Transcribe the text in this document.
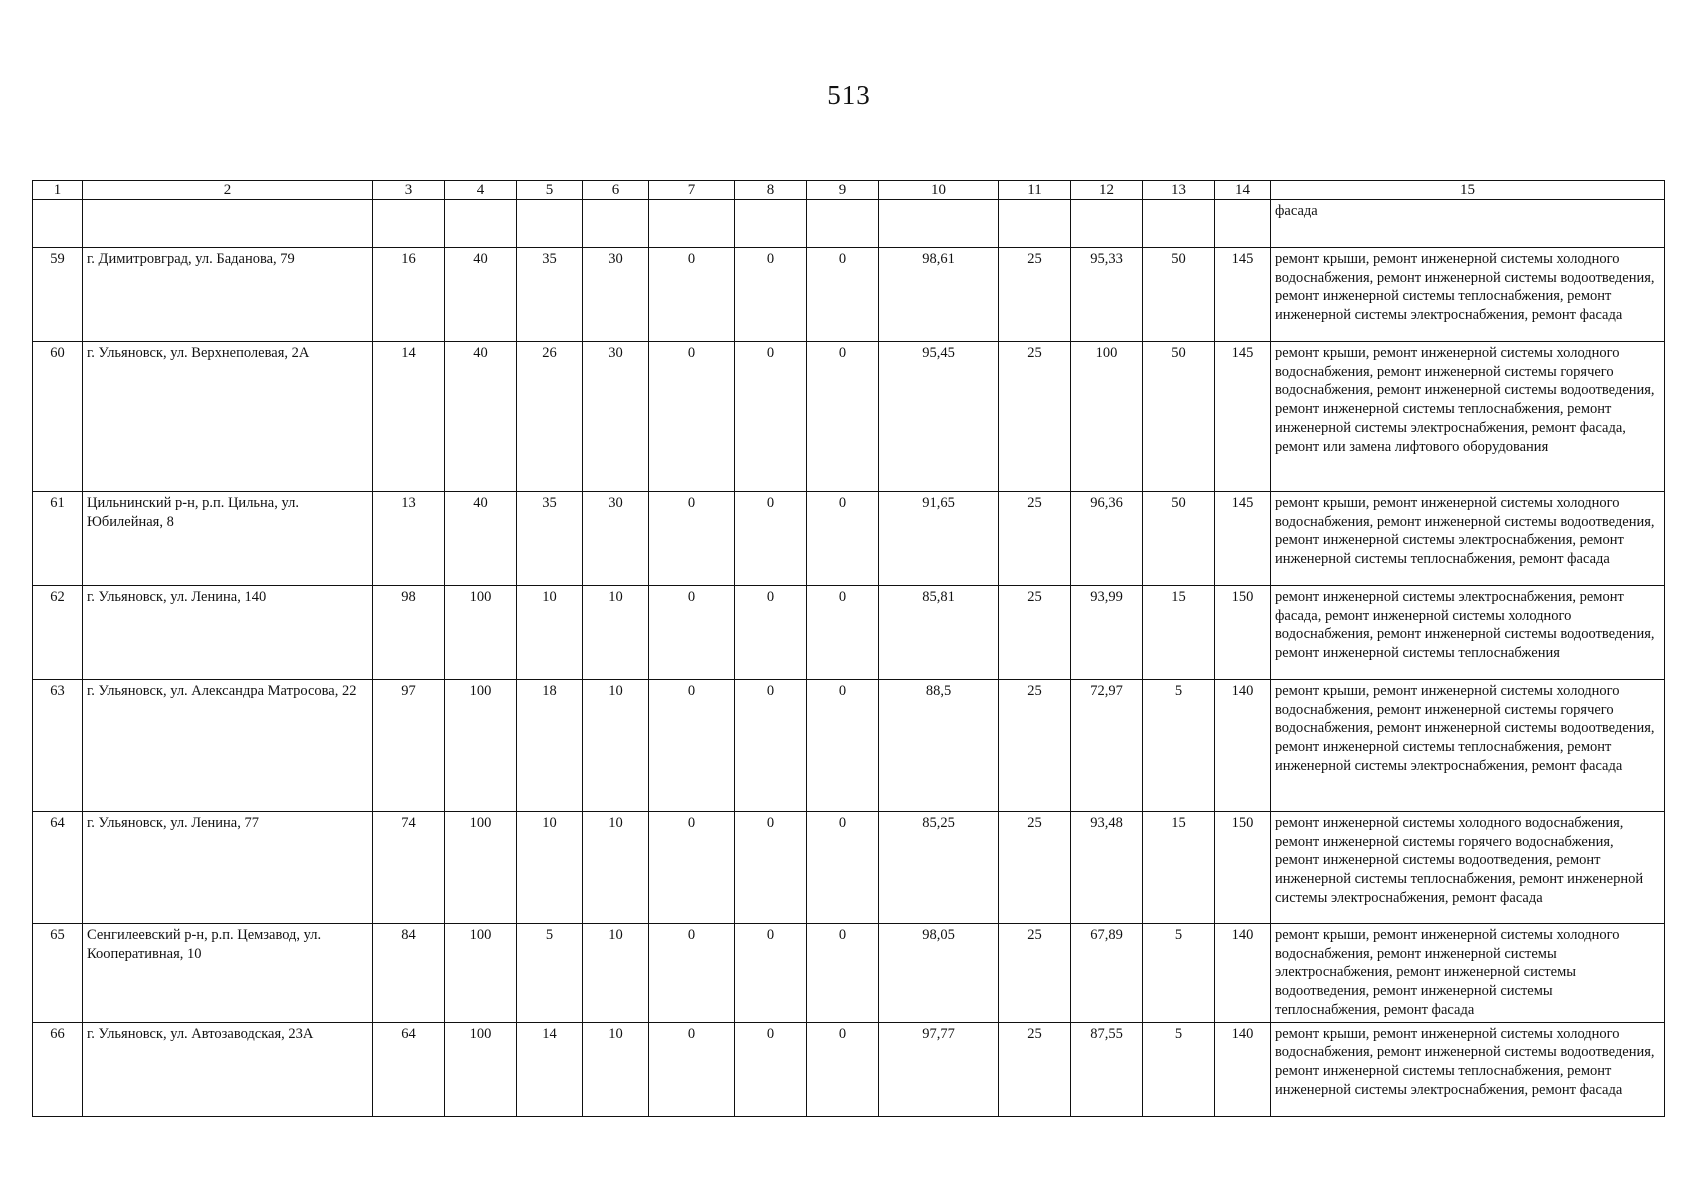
513
1	2	3	4	5	6	7	8	9	10	11	12	13	14	15
														фасада
59	г. Димитровград, ул. Баданова, 79	16	40	35	30	0	0	0	98,61	25	95,33	50	145	ремонт крыши, ремонт инженерной системы холодного водоснабжения, ремонт инженерной системы водоотведения, ремонт инженерной системы теплоснабжения, ремонт инженерной системы электроснабжения, ремонт фасада
60	г. Ульяновск, ул. Верхнеполевая, 2А	14	40	26	30	0	0	0	95,45	25	100	50	145	ремонт крыши, ремонт инженерной системы холодного водоснабжения, ремонт инженерной системы горячего водоснабжения, ремонт инженерной системы водоотведения, ремонт инженерной системы теплоснабжения, ремонт инженерной системы электроснабжения, ремонт фасада, ремонт или замена лифтового оборудования
61	Цильнинский р-н, р.п. Цильна, ул. Юбилейная, 8	13	40	35	30	0	0	0	91,65	25	96,36	50	145	ремонт крыши, ремонт инженерной системы холодного водоснабжения, ремонт инженерной системы водоотведения, ремонт инженерной системы электроснабжения, ремонт инженерной системы теплоснабжения, ремонт фасада
62	г. Ульяновск, ул. Ленина, 140	98	100	10	10	0	0	0	85,81	25	93,99	15	150	ремонт инженерной системы электроснабжения, ремонт фасада, ремонт инженерной системы холодного водоснабжения, ремонт инженерной системы водоотведения, ремонт инженерной системы теплоснабжения
63	г. Ульяновск, ул. Александра Матросова, 22	97	100	18	10	0	0	0	88,5	25	72,97	5	140	ремонт крыши, ремонт инженерной системы холодного водоснабжения, ремонт инженерной системы горячего водоснабжения, ремонт инженерной системы водоотведения, ремонт инженерной системы теплоснабжения, ремонт инженерной системы электроснабжения, ремонт фасада
64	г. Ульяновск, ул. Ленина, 77	74	100	10	10	0	0	0	85,25	25	93,48	15	150	ремонт инженерной системы холодного водоснабжения, ремонт инженерной системы горячего водоснабжения, ремонт инженерной системы водоотведения, ремонт инженерной системы теплоснабжения, ремонт инженерной системы электроснабжения, ремонт фасада
65	Сенгилеевский р-н, р.п. Цемзавод, ул. Кооперативная, 10	84	100	5	10	0	0	0	98,05	25	67,89	5	140	ремонт крыши, ремонт инженерной системы холодного водоснабжения, ремонт инженерной системы электроснабжения, ремонт инженерной системы водоотведения, ремонт инженерной системы теплоснабжения, ремонт фасада
66	г. Ульяновск, ул. Автозаводская, 23А	64	100	14	10	0	0	0	97,77	25	87,55	5	140	ремонт крыши, ремонт инженерной системы холодного водоснабжения, ремонт инженерной системы водоотведения, ремонт инженерной системы теплоснабжения, ремонт инженерной системы электроснабжения, ремонт фасада
